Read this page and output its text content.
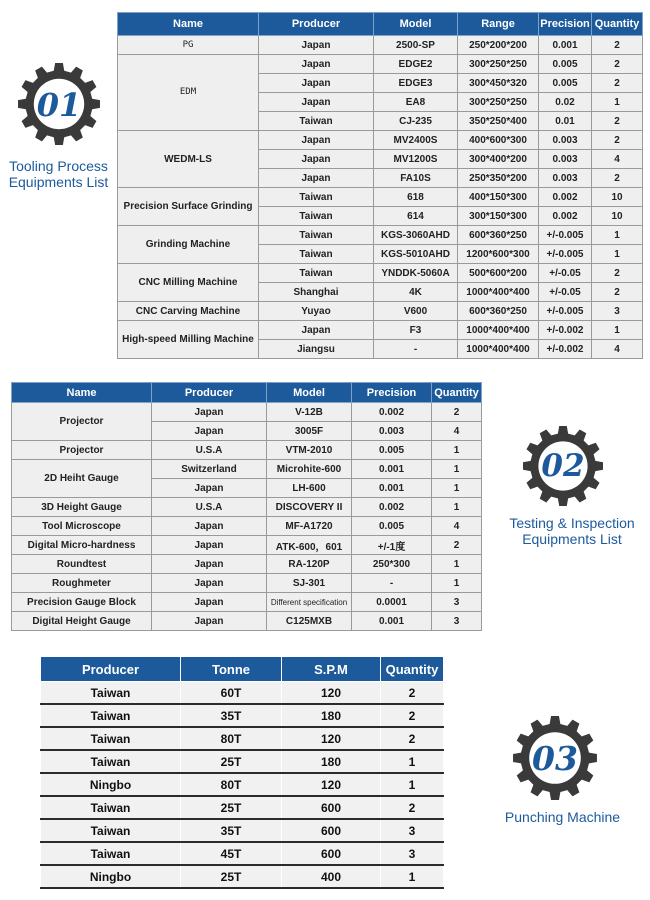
Name	Producer	Model	Range	Precision	Quantity
PG	Japan	2500-SP	250*200*200	0.001	2
EDM	Japan	EDGE2	300*250*250	0.005	2
	Japan	EDGE3	300*450*320	0.005	2
	Japan	EA8	300*250*250	0.02	1
	Taiwan	CJ-235	350*250*400	0.01	2
WEDM-LS	Japan	MV2400S	400*600*300	0.003	2
	Japan	MV1200S	300*400*200	0.003	4
	Japan	FA10S	250*350*200	0.003	2
Precision Surface Grinding	Taiwan	618	400*150*300	0.002	10
	Taiwan	614	300*150*300	0.002	10
Grinding Machine	Taiwan	KGS-3060AHD	600*360*250	+/-0.005	1
	Taiwan	KGS-5010AHD	1200*600*300	+/-0.005	1
CNC Milling Machine	Taiwan	YNDDK-5060A	500*600*200	+/-0.05	2
	Shanghai	4K	1000*400*400	+/-0.05	2
CNC Carving Machine	Yuyao	V600	600*360*250	+/-0.005	3
High-speed Milling Machine	Japan	F3	1000*400*400	+/-0.002	1
	Jiangsu	-	1000*400*400	+/-0.002	4
01
Tooling Process
Equipments List
Name	Producer	Model	Precision	Quantity
Projector	Japan	V-12B	0.002	2
	Japan	3005F	0.003	4
Projector	U.S.A	VTM-2010	0.005	1
2D Heiht Gauge	Switzerland	Microhite-600	0.001	1
	Japan	LH-600	0.001	1
3D Height Gauge	U.S.A	DISCOVERY II	0.002	1
Tool Microscope	Japan	MF-A1720	0.005	4
Digital Micro-hardness	Japan	ATK-600，601	+/-1度	2
Roundtest	Japan	RA-120P	250*300	1
Roughmeter	Japan	SJ-301	-	1
Precision Gauge Block	Japan	Different specification	0.0001	3
Digital Height Gauge	Japan	C125MXB	0.001	3
02
Testing & Inspection
Equipments List
Producer	Tonne	S.P.M	Quantity
Taiwan	60T	120	2
Taiwan	35T	180	2
Taiwan	80T	120	2
Taiwan	25T	180	1
Ningbo	80T	120	1
Taiwan	25T	600	2
Taiwan	35T	600	3
Taiwan	45T	600	3
Ningbo	25T	400	1
03
Punching Machine
